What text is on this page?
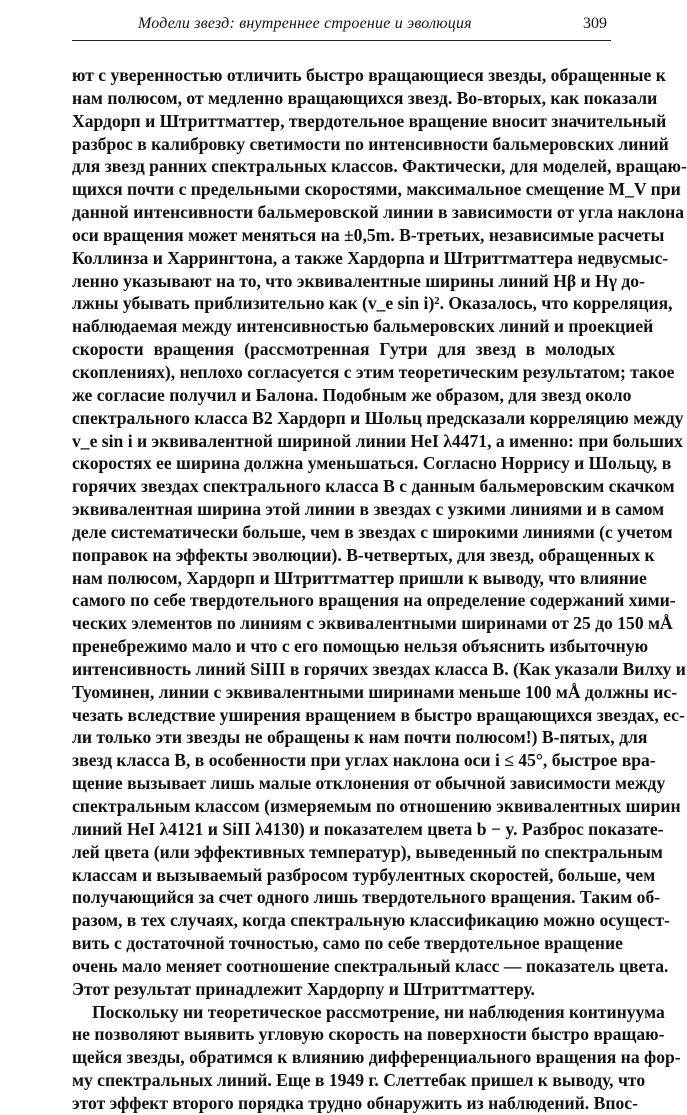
Модели звезд: внутреннее строение и эволюция	309
ют с уверенностью отличить быстро вращающиеся звезды, обращенные к
нам полюсом, от медленно вращающихся звезд. Во-вторых, как показали
Хардорп и Штриттматтер, твердотельное вращение вносит значительный
разброс в калибровку светимости по интенсивности бальмеровских линий
для звезд ранних спектральных классов. Фактически, для моделей, вращаю-
щихся почти с предельными скоростями, максимальное смещение M_V при
данной интенсивности бальмеровской линии в зависимости от угла наклона
оси вращения может меняться на ±0,5m. В-третьих, независимые расчеты
Коллинза и Харрингтона, а также Хардорпа и Штриттматтера недвусмыс-
ленно указывают на то, что эквивалентные ширины линий Hβ и Hγ до-
лжны убывать приблизительно как (v_e sin i)². Оказалось, что корреляция,
наблюдаемая между интенсивностью бальмеровских линий и проекцией
скорости вращения (рассмотренная Гутри для звезд в молодых
скоплениях), неплохо согласуется с этим теоретическим результатом; такое
же согласие получил и Балона. Подобным же образом, для звезд около
спектрального класса B2 Хардорп и Шольц предсказали корреляцию между
v_e sin i и эквивалентной шириной линии HeI λ4471, а именно: при больших
скоростях ее ширина должна уменьшаться. Согласно Норрису и Шольцу, в
горячих звездах спектрального класса B с данным бальмеровским скачком
эквивалентная ширина этой линии в звездах с узкими линиями и в самом
деле систематически больше, чем в звездах с широкими линиями (с учетом
поправок на эффекты эволюции). В-четвертых, для звезд, обращенных к
нам полюсом, Хардорп и Штриттматтер пришли к выводу, что влияние
самого по себе твердотельного вращения на определение содержаний хими-
ческих элементов по линиям с эквивалентными ширинами от 25 до 150 мÅ
пренебрежимо мало и что с его помощью нельзя объяснить избыточную
интенсивность линий SiIII в горячих звездах класса B. (Как указали Вилху и
Туоминен, линии с эквивалентными ширинами меньше 100 мÅ должны ис-
чезать вследствие уширения вращением в быстро вращающихся звездах, ес-
ли только эти звезды не обращены к нам почти полюсом!) В-пятых, для
звезд класса B, в особенности при углах наклона оси i ≤ 45°, быстрое вра-
щение вызывает лишь малые отклонения от обычной зависимости между
спектральным классом (измеряемым по отношению эквивалентных ширин
линий HeI λ4121 и SiII λ4130) и показателем цвета b − y. Разброс показате-
лей цвета (или эффективных температур), выведенный по спектральным
классам и вызываемый разбросом турбулентных скоростей, больше, чем
получающийся за счет одного лишь твердотельного вращения. Таким об-
разом, в тех случаях, когда спектральную классификацию можно осущест-
вить с достаточной точностью, само по себе твердотельное вращение
очень мало меняет соотношение спектральный класс — показатель цвета.
Этот результат принадлежит Хардорпу и Штриттматтеру.
Поскольку ни теоретическое рассмотрение, ни наблюдения континуума
не позволяют выявить угловую скорость на поверхности быстро вращаю-
щейся звезды, обратимся к влиянию дифференциального вращения на фор-
му спектральных линий. Еще в 1949 г. Слеттебак пришел к выводу, что
этот эффект второго порядка трудно обнаружить из наблюдений. Впос-
